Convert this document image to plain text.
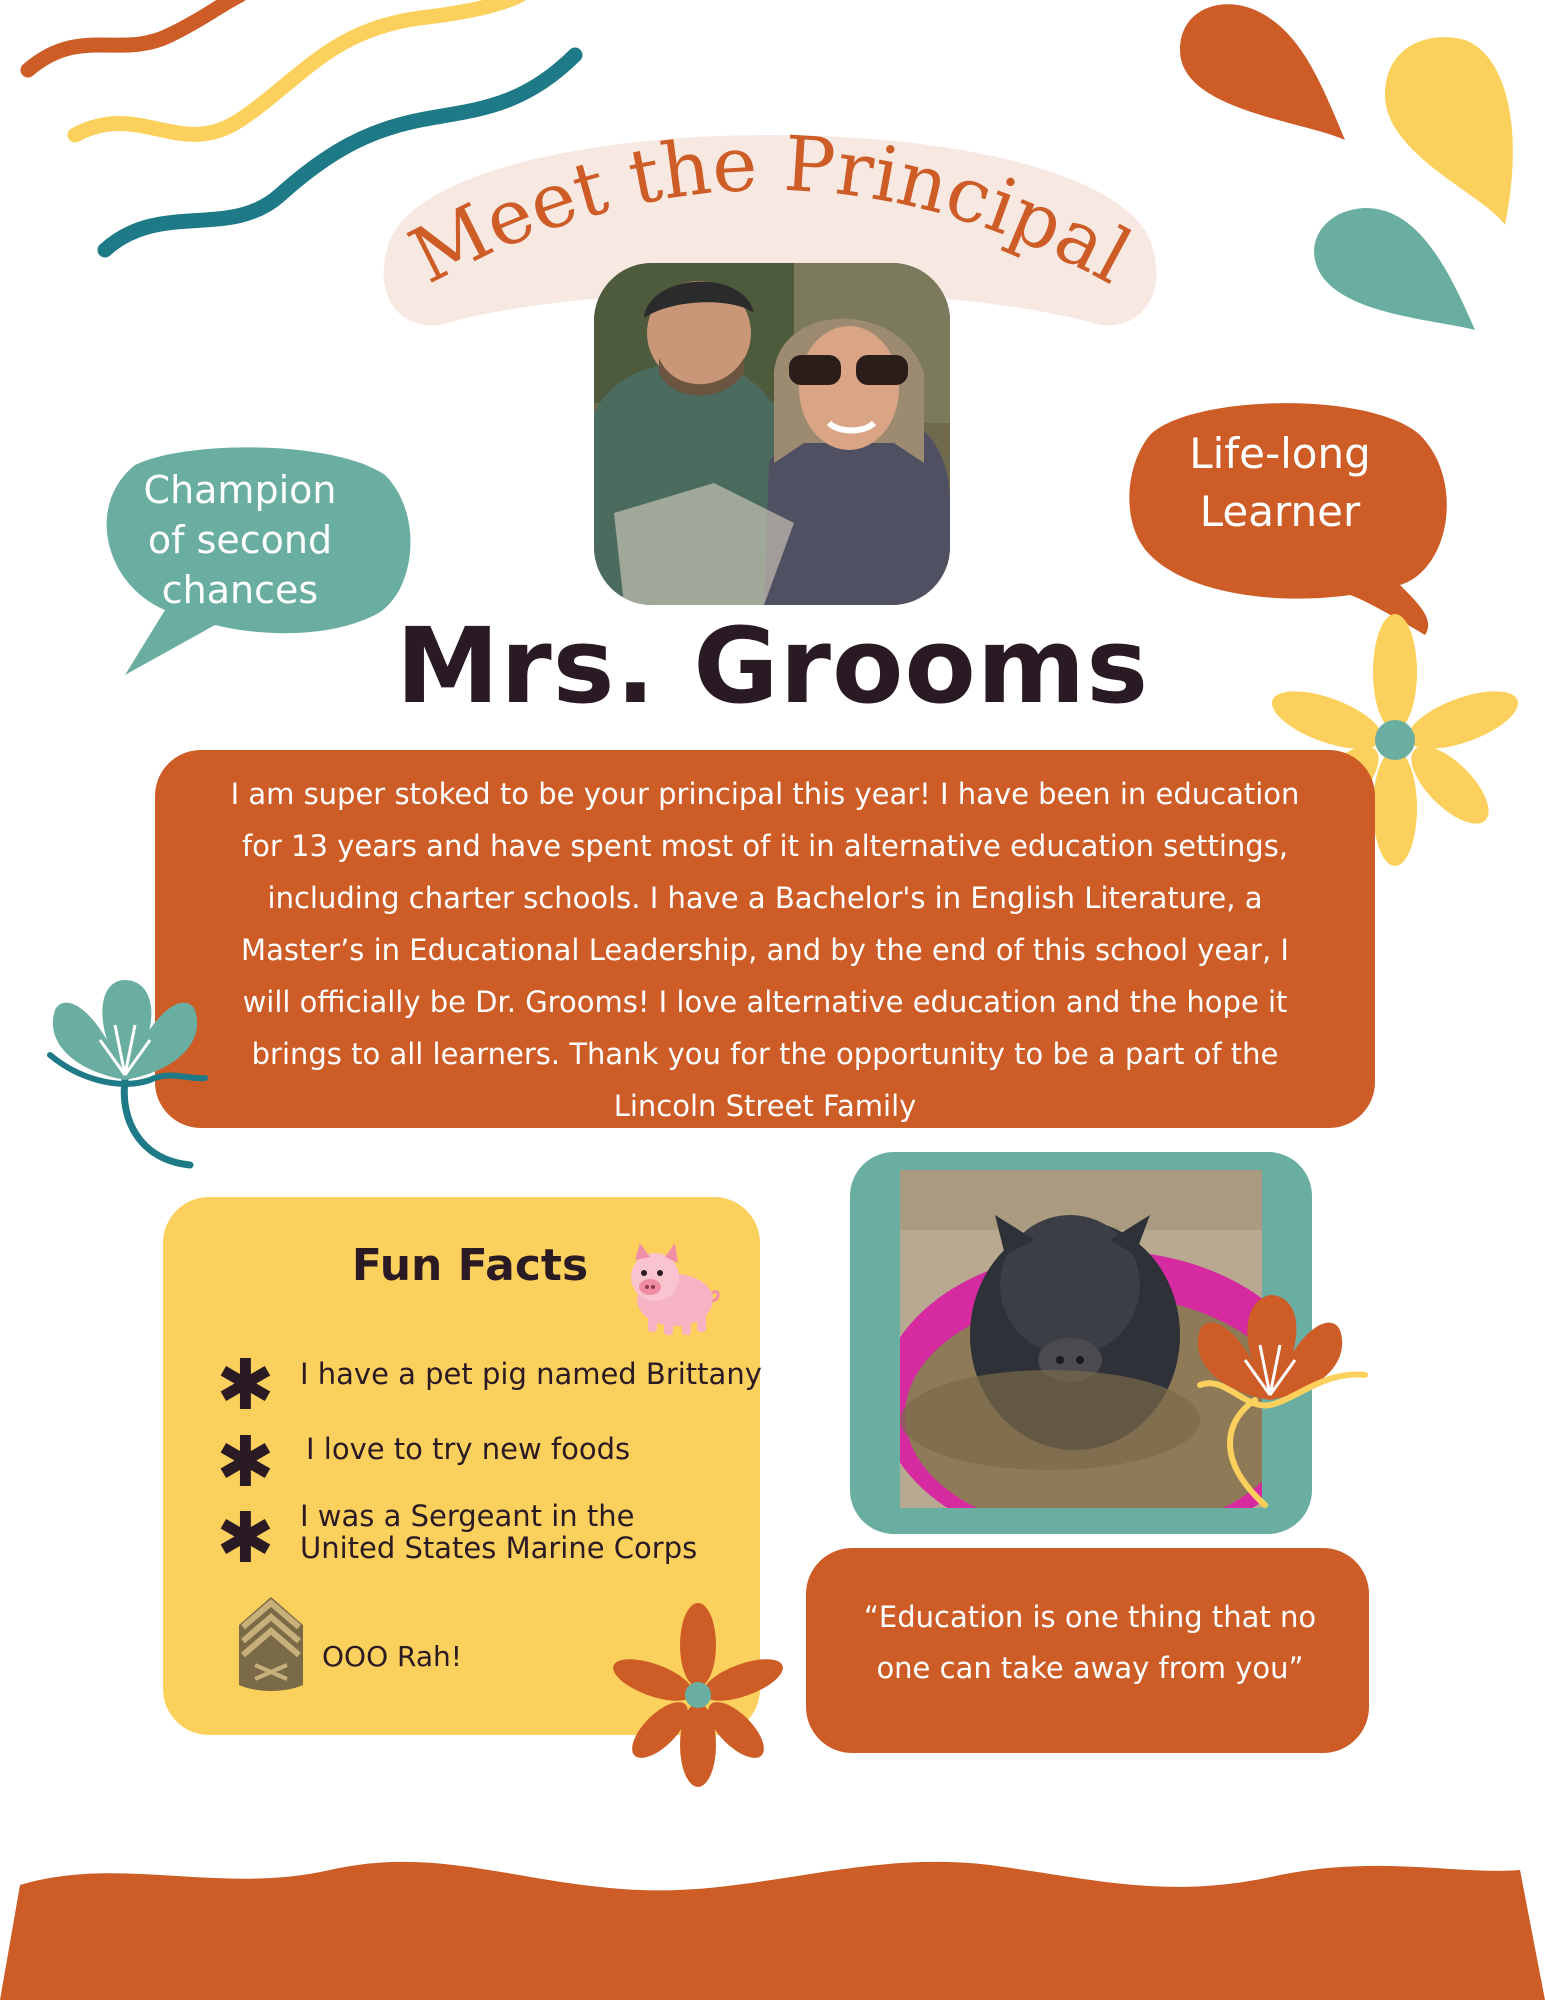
Meet the Principal
Champion
of second
chances
Life-long
Learner
Mrs. Grooms
I am super stoked to be your principal this year! I have been in education
for 13 years and have spent most of it in alternative education settings,
including charter schools. I have a Bachelor's in English Literature, a
Master’s in Educational Leadership, and by the end of this school year, I
will officially be Dr. Grooms! I love alternative education and the hope it
brings to all learners. Thank you for the opportunity to be a part of the
Lincoln Street Family
Fun Facts
✱ I have a pet pig named Brittany
✱ I love to try new foods
✱ I was a Sergeant in the
United States Marine Corps
OOO Rah!
“Education is one thing that no
one can take away from you”
